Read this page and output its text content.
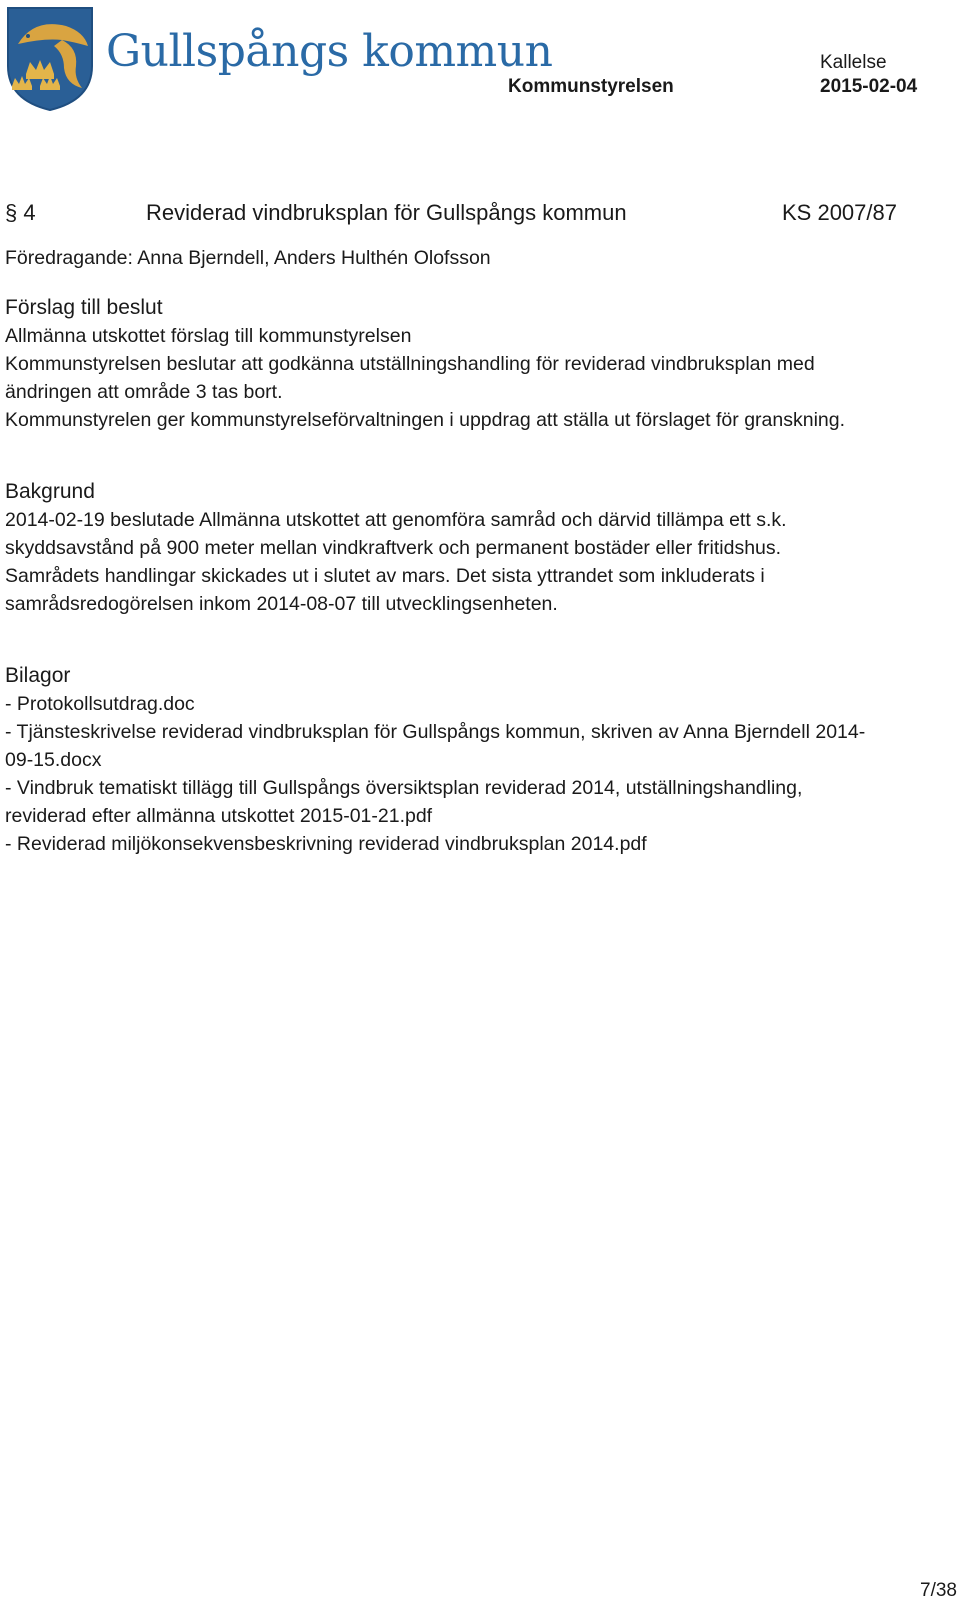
Gullspångs kommun	Kallelse
Kommunstyrelsen	2015-02-04
§ 4	Reviderad vindbruksplan för Gullspångs kommun	KS 2007/87
Föredragande: Anna Bjerndell, Anders Hulthén Olofsson
Förslag till beslut
Allmänna utskottet förslag till kommunstyrelsen
Kommunstyrelsen beslutar att godkänna utställningshandling för reviderad vindbruksplan med
ändringen att område 3 tas bort.
Kommunstyrelen ger kommunstyrelseförvaltningen i uppdrag att ställa ut förslaget för granskning.
Bakgrund
2014-02-19 beslutade Allmänna utskottet att genomföra samråd och därvid tillämpa ett s.k.
skyddsavstånd på 900 meter mellan vindkraftverk och permanent bostäder eller fritidshus.
Samrådets handlingar skickades ut i slutet av mars. Det sista yttrandet som inkluderats i
samrådsredogörelsen inkom 2014-08-07 till utvecklingsenheten.
Bilagor
- Protokollsutdrag.doc
- Tjänsteskrivelse reviderad vindbruksplan för Gullspångs kommun, skriven av Anna Bjerndell 2014-
09-15.docx
- Vindbruk tematiskt tillägg till Gullspångs översiktsplan reviderad 2014, utställningshandling,
reviderad efter allmänna utskottet 2015-01-21.pdf
- Reviderad miljökonsekvensbeskrivning reviderad vindbruksplan 2014.pdf
7/38
